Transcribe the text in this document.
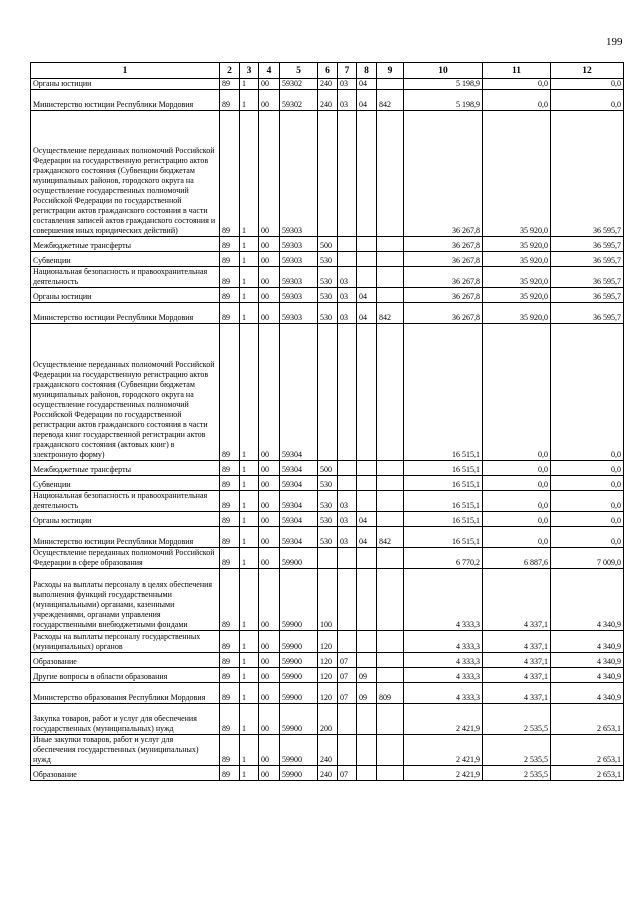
199
1	2	3	4	5	6	7	8	9	10	11	12
Органы юстиции	89	1	00	59302	240	03	04		5 198,9	0,0	0,0
Министерство юстиции Республики Мордовия	89	1	00	59302	240	03	04	842	5 198,9	0,0	0,0
Осуществление переданных полномочий Российской Федерации на государственную регистрацию актов гражданского состояния (Субвенции бюджетам муниципальных районов, городского округа на осуществление государственных полномочий Российской Федерации по государственной регистрации актов гражданского состояния в части составления записей актов гражданского состояния и совершения иных юридических действий)	89	1	00	59303					36 267,8	35 920,0	36 595,7
Межбюджетные трансферты	89	1	00	59303	500				36 267,8	35 920,0	36 595,7
Субвенции	89	1	00	59303	530				36 267,8	35 920,0	36 595,7
Национальная безопасность и правоохранительная деятельность	89	1	00	59303	530	03			36 267,8	35 920,0	36 595,7
Органы юстиции	89	1	00	59303	530	03	04		36 267,8	35 920,0	36 595,7
Министерство юстиции Республики Мордовия	89	1	00	59303	530	03	04	842	36 267,8	35 920,0	36 595,7
Осуществление переданных полномочий Российской Федерации на государственную регистрацию актов гражданского состояния (Субвенции бюджетам муниципальных районов, городского округа на осуществление государственных полномочий Российской Федерации по государственной регистрации актов гражданского состояния в части перевода книг государственной регистрации актов гражданского состояния (актовых книг) в электронную форму)	89	1	00	59304					16 515,1	0,0	0,0
Межбюджетные трансферты	89	1	00	59304	500				16 515,1	0,0	0,0
Субвенции	89	1	00	59304	530				16 515,1	0,0	0,0
Национальная безопасность и правоохранительная деятельность	89	1	00	59304	530	03			16 515,1	0,0	0,0
Органы юстиции	89	1	00	59304	530	03	04		16 515,1	0,0	0,0
Министерство юстиции Республики Мордовия	89	1	00	59304	530	03	04	842	16 515,1	0,0	0,0
Осуществление переданных полномочий Российской Федерации в сфере образования	89	1	00	59900					6 770,2	6 887,6	7 009,0
Расходы на выплаты персоналу в целях обеспечения выполнения функций государственными (муниципальными) органами, казенными учреждениями, органами управления государственными внебюджетными фондами	89	1	00	59900	100				4 333,3	4 337,1	4 340,9
Расходы на выплаты персоналу государственных (муниципальных) органов	89	1	00	59900	120				4 333,3	4 337,1	4 340,9
Образование	89	1	00	59900	120	07			4 333,3	4 337,1	4 340,9
Другие вопросы в области образования	89	1	00	59900	120	07	09		4 333,3	4 337,1	4 340,9
Министерство образования Республики Мордовия	89	1	00	59900	120	07	09	809	4 333,3	4 337,1	4 340,9
Закупка товаров, работ и услуг для обеспечения государственных (муниципальных) нужд	89	1	00	59900	200				2 421,9	2 535,5	2 653,1
Иные закупки товаров, работ и услуг для обеспечения государственных (муниципальных) нужд	89	1	00	59900	240				2 421,9	2 535,5	2 653,1
Образование	89	1	00	59900	240	07			2 421,9	2 535,5	2 653,1
